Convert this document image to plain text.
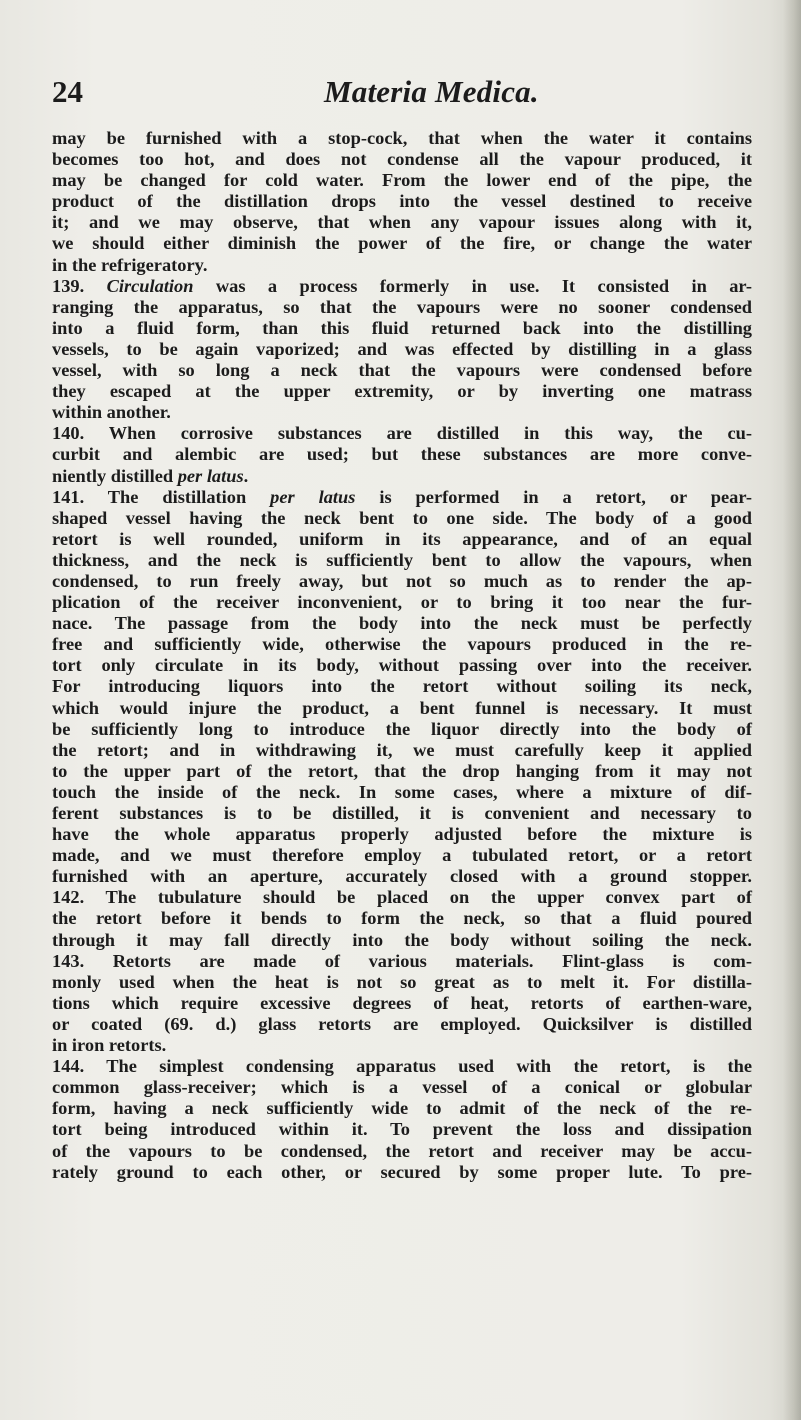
24	Materia Medica.
may be furnished with a stop-cock, that when the water it contains
becomes too hot, and does not condense all the vapour produced, it
may be changed for cold water. From the lower end of the pipe, the
product of the distillation drops into the vessel destined to receive
it; and we may observe, that when any vapour issues along with it,
we should either diminish the power of the fire, or change the water
in the refrigeratory.
139. Circulation was a process formerly in use. It consisted in ar-
ranging the apparatus, so that the vapours were no sooner condensed
into a fluid form, than this fluid returned back into the distilling
vessels, to be again vaporized; and was effected by distilling in a glass
vessel, with so long a neck that the vapours were condensed before
they escaped at the upper extremity, or by inverting one matrass
within another.
140. When corrosive substances are distilled in this way, the cu-
curbit and alembic are used; but these substances are more conve-
niently distilled per latus.
141. The distillation per latus is performed in a retort, or pear-
shaped vessel having the neck bent to one side. The body of a good
retort is well rounded, uniform in its appearance, and of an equal
thickness, and the neck is sufficiently bent to allow the vapours, when
condensed, to run freely away, but not so much as to render the ap-
plication of the receiver inconvenient, or to bring it too near the fur-
nace. The passage from the body into the neck must be perfectly
free and sufficiently wide, otherwise the vapours produced in the re-
tort only circulate in its body, without passing over into the receiver.
For introducing liquors into the retort without soiling its neck,
which would injure the product, a bent funnel is necessary. It must
be sufficiently long to introduce the liquor directly into the body of
the retort; and in withdrawing it, we must carefully keep it applied
to the upper part of the retort, that the drop hanging from it may not
touch the inside of the neck. In some cases, where a mixture of dif-
ferent substances is to be distilled, it is convenient and necessary to
have the whole apparatus properly adjusted before the mixture is
made, and we must therefore employ a tubulated retort, or a retort
furnished with an aperture, accurately closed with a ground stopper.
142. The tubulature should be placed on the upper convex part of
the retort before it bends to form the neck, so that a fluid poured
through it may fall directly into the body without soiling the neck.
143. Retorts are made of various materials. Flint-glass is com-
monly used when the heat is not so great as to melt it. For distilla-
tions which require excessive degrees of heat, retorts of earthen-ware,
or coated (69. d.) glass retorts are employed. Quicksilver is distilled
in iron retorts.
144. The simplest condensing apparatus used with the retort, is the
common glass-receiver; which is a vessel of a conical or globular
form, having a neck sufficiently wide to admit of the neck of the re-
tort being introduced within it. To prevent the loss and dissipation
of the vapours to be condensed, the retort and receiver may be accu-
rately ground to each other, or secured by some proper lute. To pre-
